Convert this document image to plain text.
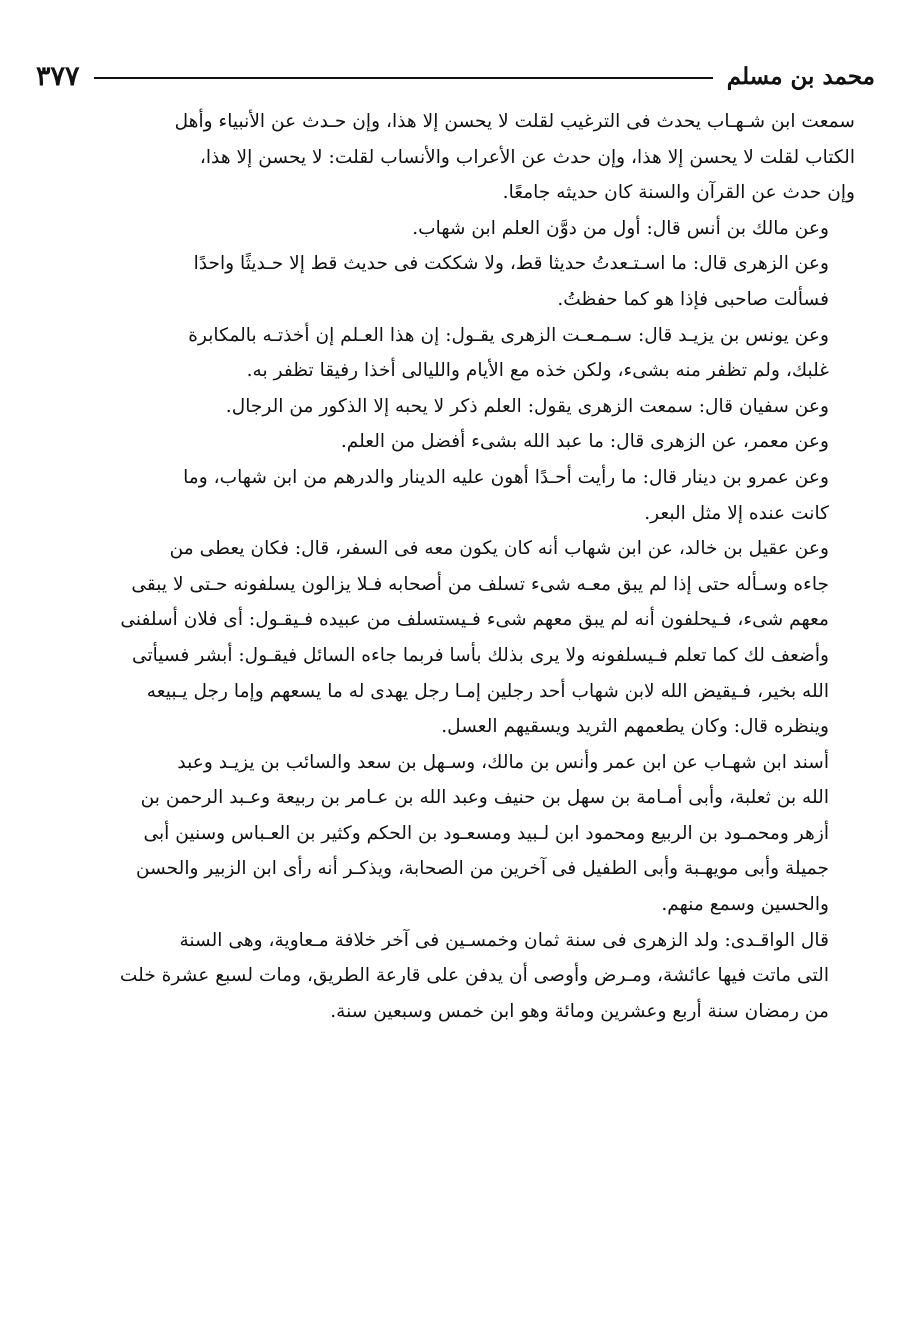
محمد بن مسلم
٣٧٧

سمعت ابن شـهـاب يحدث فى الترغيب لقلت لا يحسن إلا هذا، وإن حـدث عن الأنبياء وأهل
الكتاب لقلت لا يحسن إلا هذا، وإن حدث عن الأعراب والأنساب لقلت: لا يحسن إلا هذا،
وإن حدث عن القرآن والسنة كان حديثه جامعًا.

وعن مالك بن أنس قال: أول من دوَّن العلم ابن شهاب.

وعن الزهرى قال: ما اسـتـعدتُ حديثا قط، ولا شككت فى حديث قط إلا حـديثًا واحدًا
فسألت صاحبى فإذا هو كما حفظتُ.

وعن يونس بن يزيـد قال: سـمـعـت الزهرى يقـول: إن هذا العـلم إن أخذتـه بالمكابرة
غلبك، ولم تظفر منه بشىء، ولكن خذه مع الأيام والليالى أخذا رفيقا تظفر به.

وعن سفيان قال: سمعت الزهرى يقول: العلم ذكر لا يحبه إلا الذكور من الرجال.

وعن معمر، عن الزهرى قال: ما عبد الله بشىء أفضل من العلم.

وعن عمرو بن دينار قال: ما رأيت أحـدًا أهون عليه الدينار والدرهم من ابن شهاب، وما
كانت عنده إلا مثل البعر.

وعن عقيل بن خالد، عن ابن شهاب أنه كان يكون معه فى السفر، قال: فكان يعطى من
جاءه وسـأله حتى إذا لم يبق معـه شىء تسلف من أصحابه فـلا يزالون يسلفونه حـتى لا يبقى
معهم شىء، فـيحلفون أنه لم يبق معهم شىء فـيستسلف من عبيده فـيقـول: أى فلان أسلفنى
وأضعف لك كما تعلم فـيسلفونه ولا يرى بذلك بأسا فربما جاءه السائل فيقـول: أبشر فسيأتى
الله بخير، فـيقيض الله لابن شهاب أحد رجلين إمـا رجل يهدى له ما يسعهم وإما رجل يـبيعه
وينظره قال: وكان يطعمهم الثريد ويسقيهم العسل.

أسند ابن شهـاب عن ابن عمر وأنس بن مالك، وسـهل بن سعد والسائب بن يزيـد وعبد
الله بن ثعلبة، وأبى أمـامة بن سهل بن حنيف وعبد الله بن عـامر بن ربيعة وعـبد الرحمن بن
أزهر ومحمـود بن الربيع ومحمود ابن لـبيد ومسعـود بن الحكم وكثير بن العـباس وسنين أبى
جميلة وأبى مويهـبة وأبى الطفيل فى آخرين من الصحابة، ويذكـر أنه رأى ابن الزبير والحسن
والحسين وسمع منهم.

قال الواقـدى: ولد الزهرى فى سنة ثمان وخمسـين فى آخر خلافة مـعاوية، وهى السنة
التى ماتت فيها عائشة، ومـرض وأوصى أن يدفن على قارعة الطريق، ومات لسبع عشرة خلت
من رمضان سنة أربع وعشرين ومائة وهو ابن خمس وسبعين سنة.
